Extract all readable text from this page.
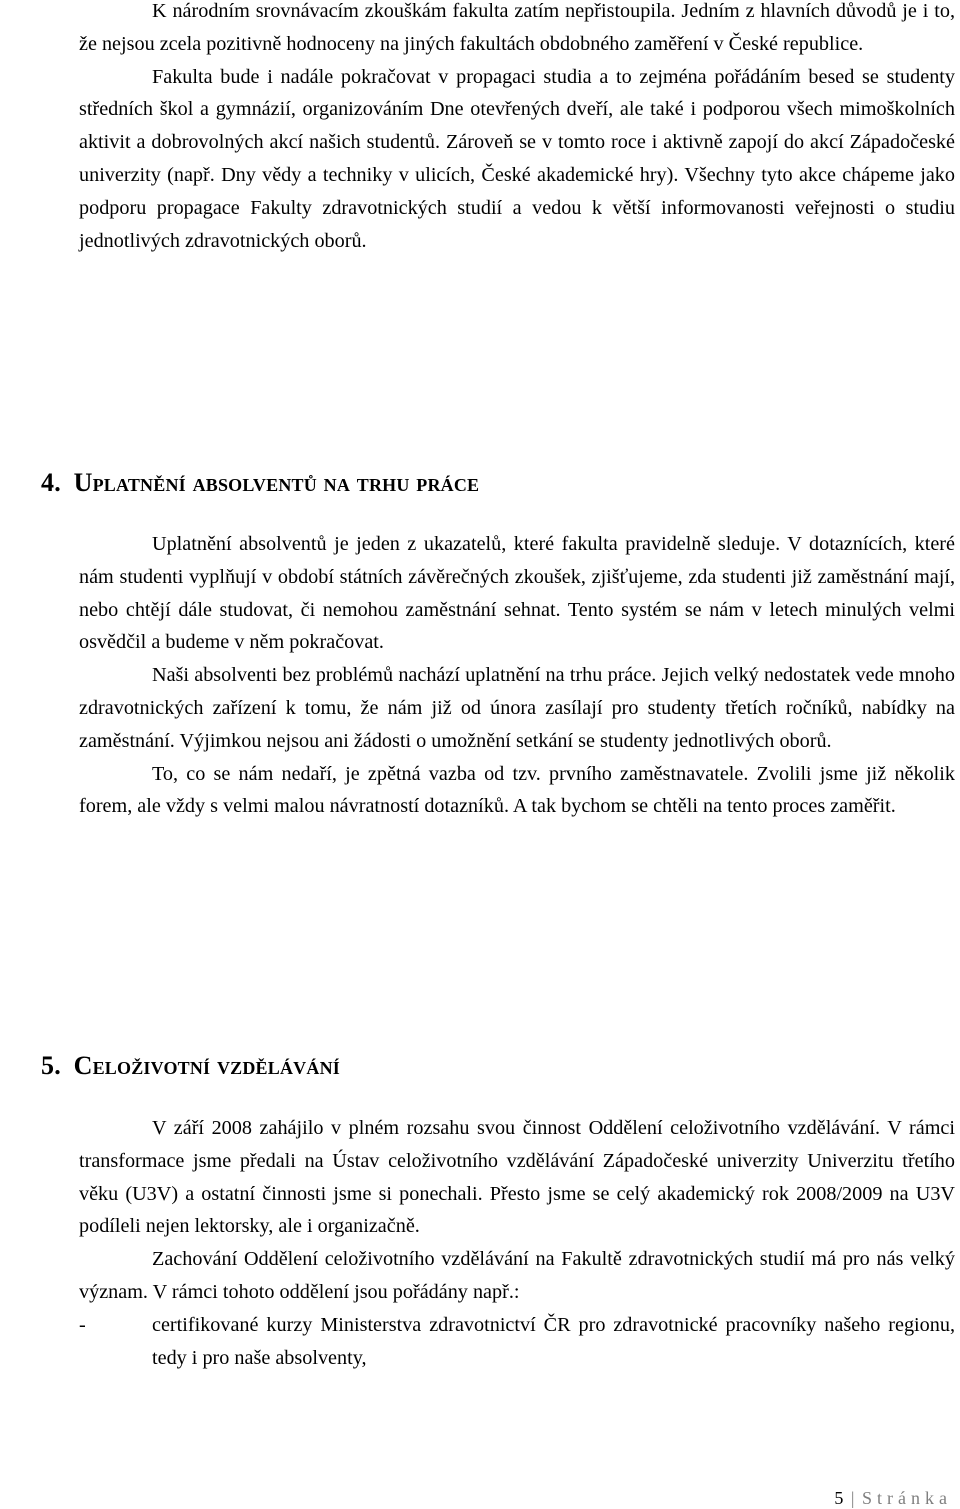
K národním srovnávacím zkouškám fakulta zatím nepřistoupila. Jedním z hlavních důvodů je i to, že nejsou zcela pozitivně hodnoceny na jiných fakultách obdobného zaměření v České republice.

Fakulta bude i nadále pokračovat v propagaci studia a to zejména pořádáním besed se studenty středních škol a gymnázií, organizováním Dne otevřených dveří, ale také i podporou všech mimoškolních aktivit a dobrovolných akcí našich studentů. Zároveň se v tomto roce i aktivně zapojí do akcí Západočeské univerzity (např. Dny vědy a techniky v ulicích, České akademické hry). Všechny tyto akce chápeme jako podporu propagace Fakulty zdravotnických studií a vedou k větší informovanosti veřejnosti o studiu jednotlivých zdravotnických oborů.

4. Uplatnění absolventů na trhu práce

Uplatnění absolventů je jeden z ukazatelů, které fakulta pravidelně sleduje. V dotaznících, které nám studenti vyplňují v období státních závěrečných zkoušek, zjišťujeme, zda studenti již zaměstnání mají, nebo chtějí dále studovat, či nemohou zaměstnání sehnat. Tento systém se nám v letech minulých velmi osvědčil a budeme v něm pokračovat.

Naši absolventi bez problémů nachází uplatnění na trhu práce. Jejich velký nedostatek vede mnoho zdravotnických zařízení k tomu, že nám již od února zasílají pro studenty třetích ročníků, nabídky na zaměstnání. Výjimkou nejsou ani žádosti o umožnění setkání se studenty jednotlivých oborů.

To, co se nám nedaří, je zpětná vazba od tzv. prvního zaměstnavatele. Zvolili jsme již několik forem, ale vždy s velmi malou návratností dotazníků. A tak bychom se chtěli na tento proces zaměřit.

5. Celoživotní vzdělávání

V září 2008 zahájilo v plném rozsahu svou činnost Oddělení celoživotního vzdělávání. V rámci transformace jsme předali na Ústav celoživotního vzdělávání Západočeské univerzity Univerzitu třetího věku (U3V) a ostatní činnosti jsme si ponechali. Přesto jsme se celý akademický rok 2008/2009 na U3V podíleli nejen lektorsky, ale i organizačně.

Zachování Oddělení celoživotního vzdělávání na Fakultě zdravotnických studií má pro nás velký význam. V rámci tohoto oddělení jsou pořádány např.:

-	certifikované kurzy Ministerstva zdravotnictví ČR pro zdravotnické pracovníky našeho regionu, tedy i pro naše absolventy,
5 | Stránka
